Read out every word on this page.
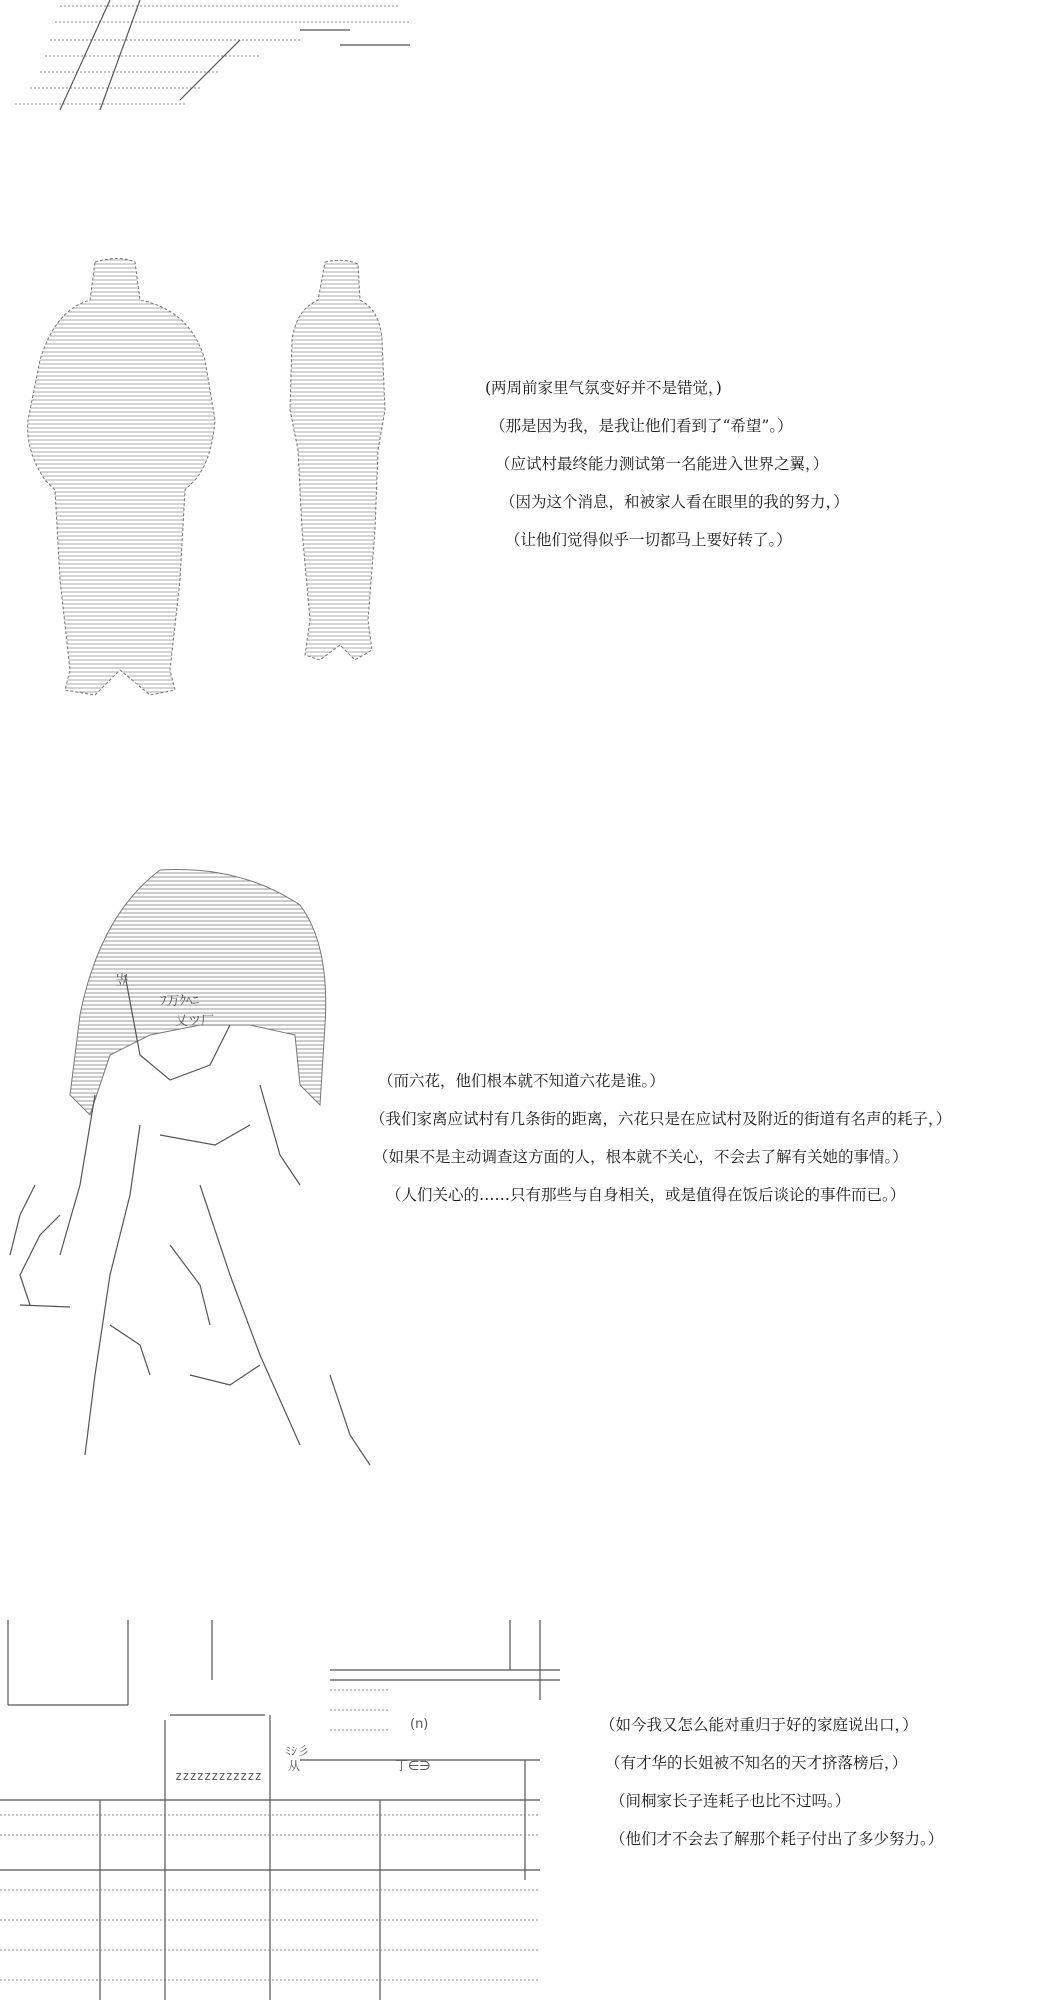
(两周前家里气氛变好并不是错觉，)
（那是因为我，是我让他们看到了“希望”。）
（应试村最终能力测试第一名能进入世界之翼，）
（因为这个消息，和被家人看在眼里的我的努力，）
（让他们觉得似乎一切都马上要好转了。）
岦
ﾌ万ｸﾍﾆ
乂ツ厂
（而六花，他们根本就不知道六花是谁。）
（我们家离应试村有几条街的距离，六花只是在应试村及附近的街道有名声的耗子，）
（如果不是主动调查这方面的人，根本就不关心，不会去了解有关她的事情。）
（人们关心的……只有那些与自身相关，或是值得在饭后谈论的事件而已。）
(n)
zzzzzzzzzzzz
丁∈∋
ﾐｼ彡
从
（如今我又怎么能对重归于好的家庭说出口，）
（有才华的长姐被不知名的天才挤落榜后，）
（间桐家长子连耗子也比不过吗。）
（他们才不会去了解那个耗子付出了多少努力。）
